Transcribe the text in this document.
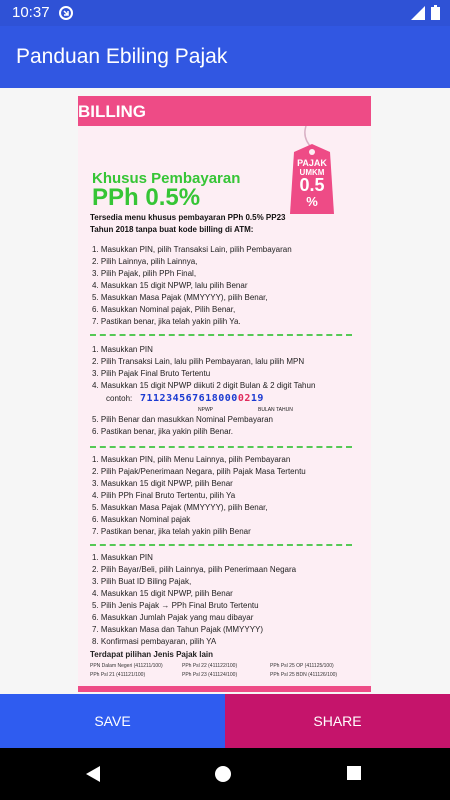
10:37
Panduan Ebiling Pajak
BILLING
PAJAK
UMKM
0.5
%
Khusus Pembayaran
PPh 0.5%
Tersedia menu khusus pembayaran PPh 0.5% PP23 Tahun 2018 tanpa buat kode billing di ATM:
1. Masukkan PIN, pilih Transaksi Lain, pilih Pembayaran
2. Pilih Lainnya, pilih Lainnya,
3. Pilih Pajak, pilih PPh Final,
4. Masukkan 15 digit NPWP, lalu pilih Benar
5. Masukkan Masa Pajak (MMYYYY), pilih Benar,
6. Masukkan Nominal pajak, Pilih Benar,
7. Pastikan benar, jika telah yakin pilih Ya.
1. Masukkan PIN
2. Pilih Transaksi Lain, lalu pilih Pembayaran, lalu pilih MPN
3. Pilih Pajak Final Bruto Tertentu
4. Masukkan 15 digit NPWP diikuti 2 digit Bulan & 2 digit Tahun
contoh: 7112345676180000219
NPWP	BULAN TAHUN
5. Pilih Benar dan masukkan Nominal Pembayaran
6. Pastikan benar, jika yakin pilih Benar.
1. Masukkan PIN, pilih Menu Lainnya, pilih Pembayaran
2. Pilih Pajak/Penerimaan Negara, pilih Pajak Masa Tertentu
3. Masukkan 15 digit NPWP, pilih Benar
4. Pilih PPh Final Bruto Tertentu, pilih Ya
5. Masukkan Masa Pajak (MMYYYY), pilih Benar,
6. Masukkan Nominal pajak
7. Pastikan benar, jika telah yakin pilih Benar
1. Masukkan PIN
2. Pilih Bayar/Beli, pilih Lainnya, pilih Penerimaan Negara
3. Pilih Buat ID Biling Pajak,
4. Masukkan 15 digit NPWP, pilih Benar
5. Pilih Jenis Pajak → PPh Final Bruto Tertentu
6. Masukkan Jumlah Pajak yang mau dibayar
7. Masukkan Masa dan Tahun Pajak (MMYYYY)
8. Konfirmasi pembayaran, pilih YA
Terdapat pilihan Jenis Pajak lain
PPN Dalam Negeri (411211/100)
PPh Psl 21 (411121/100)
PPh Psl 22 (411122/100)
PPh Psl 23 (411124/100)
PPh Psl 25 OP (411125/100)
PPh Psl 25 BDN (411126/100)
SAVE	SHARE
